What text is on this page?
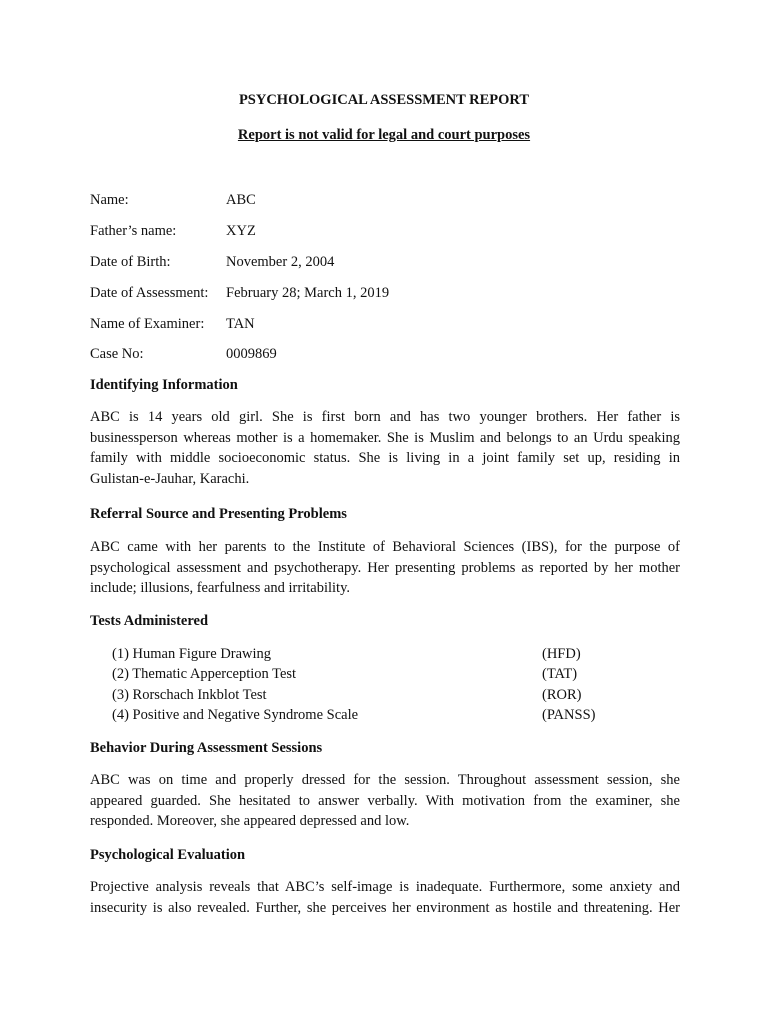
PSYCHOLOGICAL ASSESSMENT REPORT
Report is not valid for legal and court purposes
Name:	ABC
Father’s name:	XYZ
Date of Birth:	November 2, 2004
Date of Assessment: February 28; March 1, 2019
Name of Examiner: TAN
Case No:	0009869
Identifying Information
ABC is 14 years old girl. She is first born and has two younger brothers. Her father is
businessperson whereas mother is a homemaker. She is Muslim and belongs to an Urdu speaking
family with middle socioeconomic status. She is living in a joint family set up, residing in
Gulistan-e-Jauhar, Karachi.
Referral Source and Presenting Problems
ABC came with her parents to the Institute of Behavioral Sciences (IBS), for the purpose of
psychological assessment and psychotherapy. Her presenting problems as reported by her mother
include; illusions, fearfulness and irritability.
Tests Administered
(1) Human Figure Drawing	(HFD)
(2) Thematic Apperception Test	(TAT)
(3) Rorschach Inkblot Test	(ROR)
(4) Positive and Negative Syndrome Scale	(PANSS)
Behavior During Assessment Sessions
ABC was on time and properly dressed for the session. Throughout assessment session, she
appeared guarded. She hesitated to answer verbally. With motivation from the examiner, she
responded. Moreover, she appeared depressed and low.
Psychological Evaluation
Projective analysis reveals that ABC’s self-image is inadequate. Furthermore, some anxiety and
insecurity is also revealed. Further, she perceives her environment as hostile and threatening. Her
